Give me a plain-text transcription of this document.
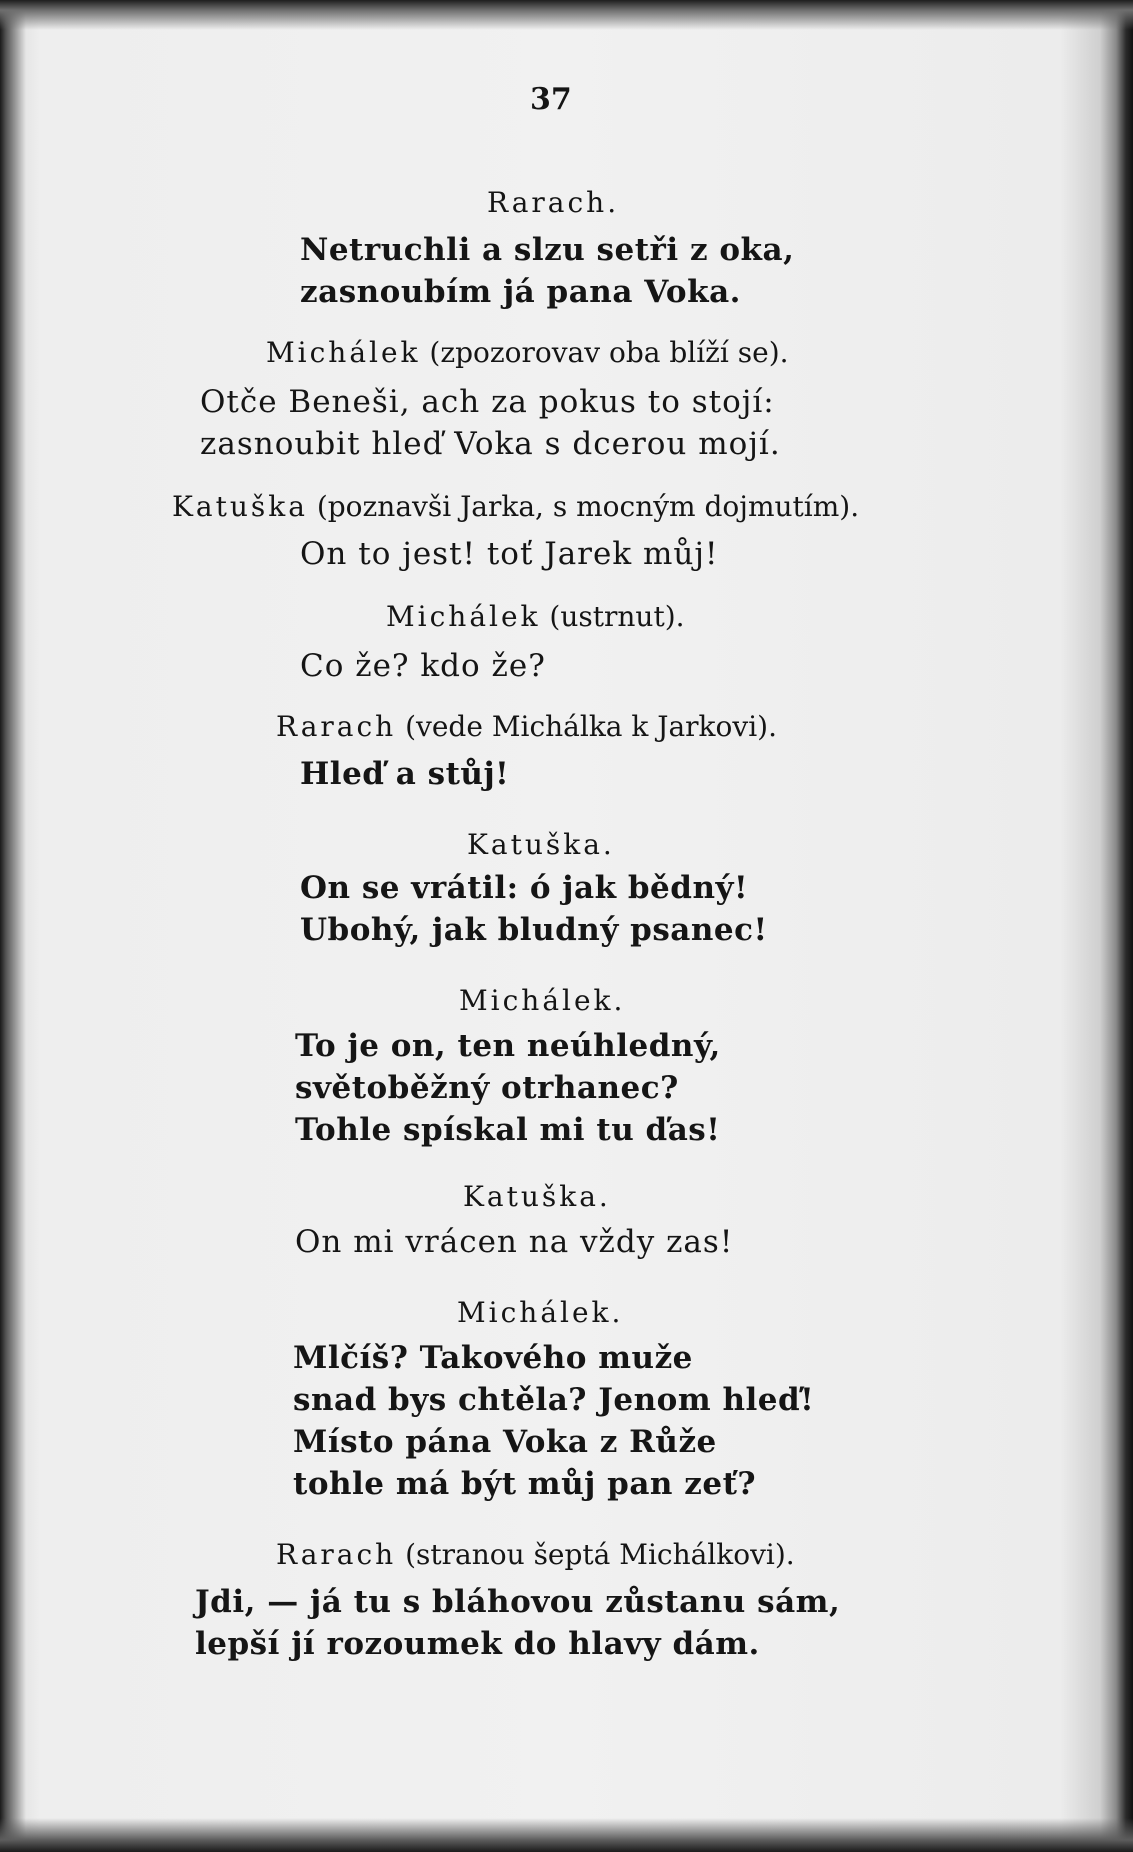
37
Rarach.
Netruchli a slzu setři z oka,
zasnoubím já pana Voka.
Michálek (zpozorovav oba blíží se).
Otče Beneši, ach za pokus to stojí:
zasnoubit hleď Voka s dcerou mojí.
Katuška (poznavši Jarka, s mocným dojmutím).
On to jest! toť Jarek můj!
Michálek (ustrnut).
Co že? kdo že?
Rarach (vede Michálka k Jarkovi).
Hleď a stůj!
Katuška.
On se vrátil: ó jak bědný!
Ubohý, jak bludný psanec!
Michálek.
To je on, ten neúhledný,
světoběžný otrhanec?
Tohle spískal mi tu ďas!
Katuška.
On mi vrácen na vždy zas!
Michálek.
Mlčíš? Takového muže
snad bys chtěla? Jenom hleď!
Místo pána Voka z Růže
tohle má být můj pan zeť?
Rarach (stranou šeptá Michálkovi).
Jdi, — já tu s bláhovou zůstanu sám,
lepší jí rozoumek do hlavy dám.
